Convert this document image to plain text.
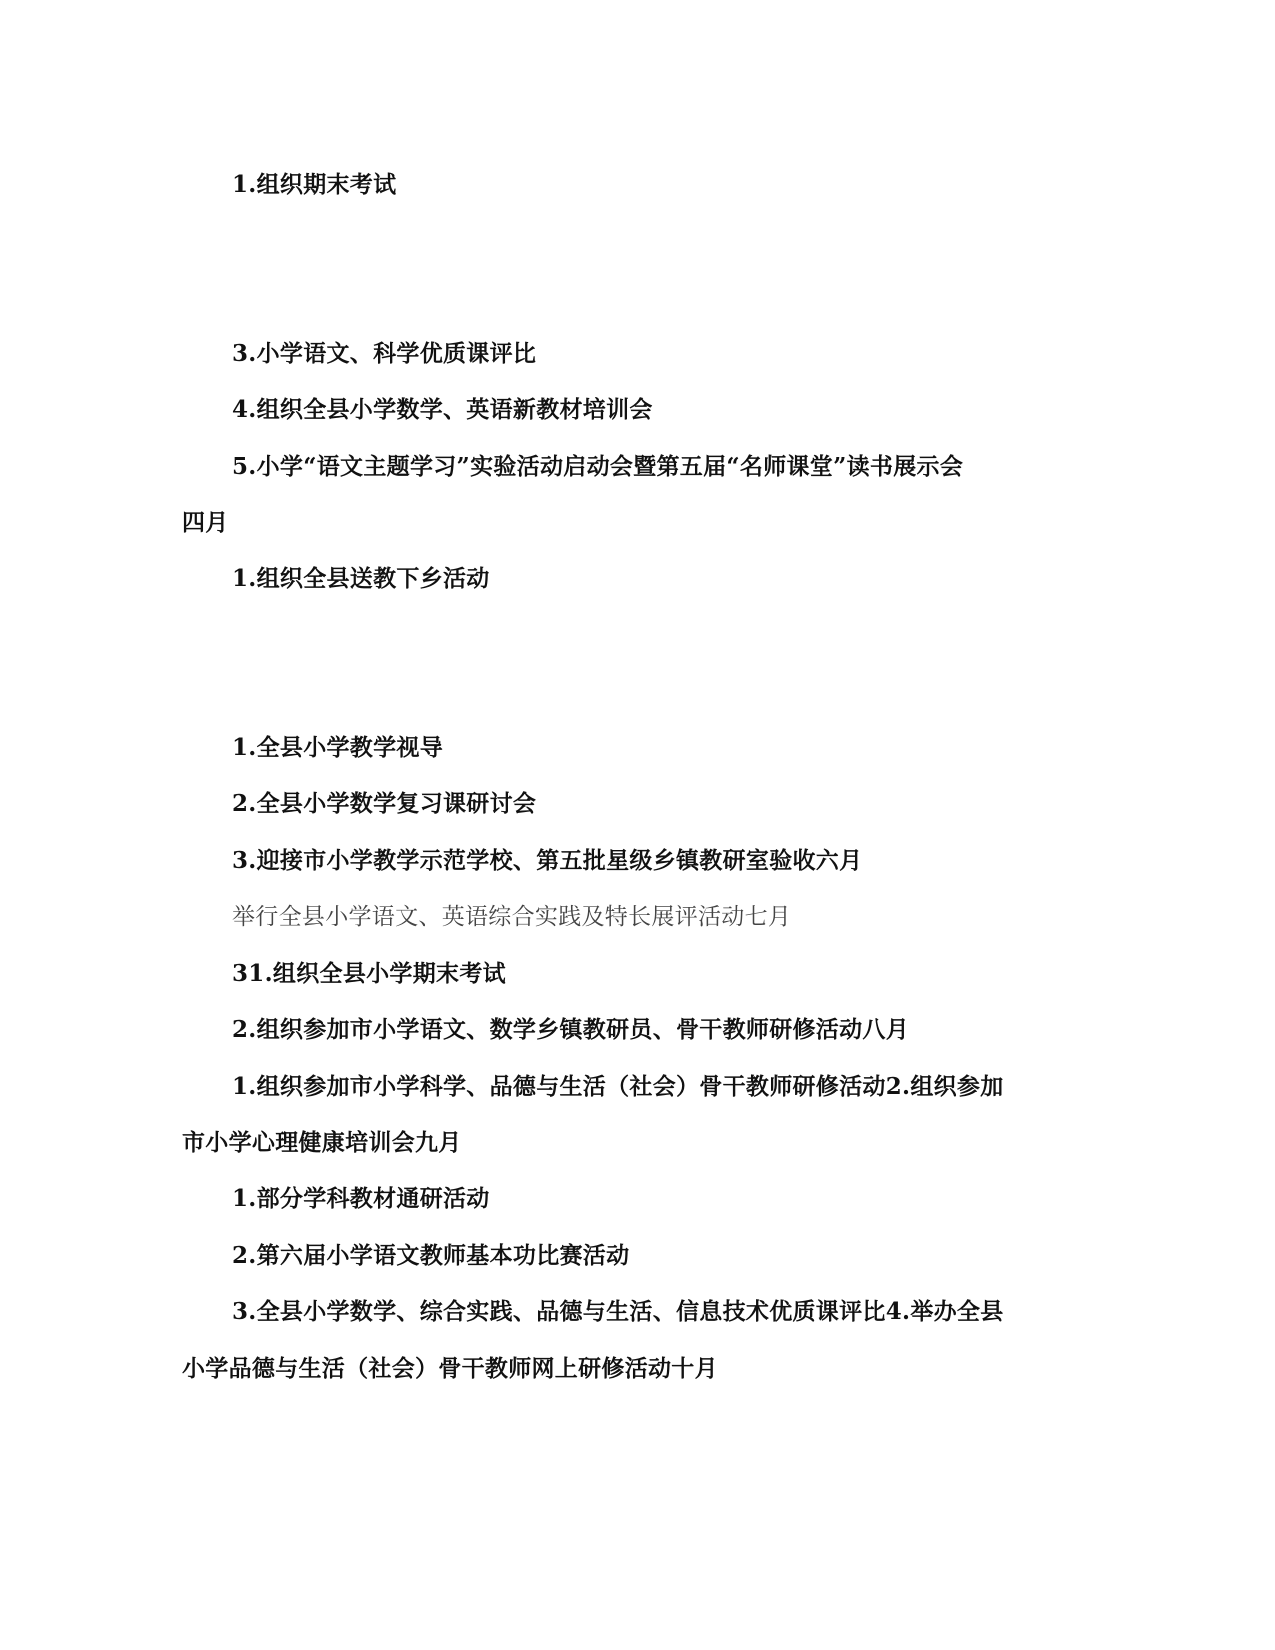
1.组织期末考试
3.小学语文、科学优质课评比
4.组织全县小学数学、英语新教材培训会
5.小学“语文主题学习”实验活动启动会暨第五届“名师课堂”读书展示会
四月
1.组织全县送教下乡活动
1.全县小学教学视导
2.全县小学数学复习课研讨会
3.迎接市小学教学示范学校、第五批星级乡镇教研室验收六月
举行全县小学语文、英语综合实践及特长展评活动七月
31.组织全县小学期末考试
2.组织参加市小学语文、数学乡镇教研员、骨干教师研修活动八月
1.组织参加市小学科学、品德与生活（社会）骨干教师研修活动2.组织参加
市小学心理健康培训会九月
1.部分学科教材通研活动
2.第六届小学语文教师基本功比赛活动
3.全县小学数学、综合实践、品德与生活、信息技术优质课评比4.举办全县
小学品德与生活（社会）骨干教师网上研修活动十月
